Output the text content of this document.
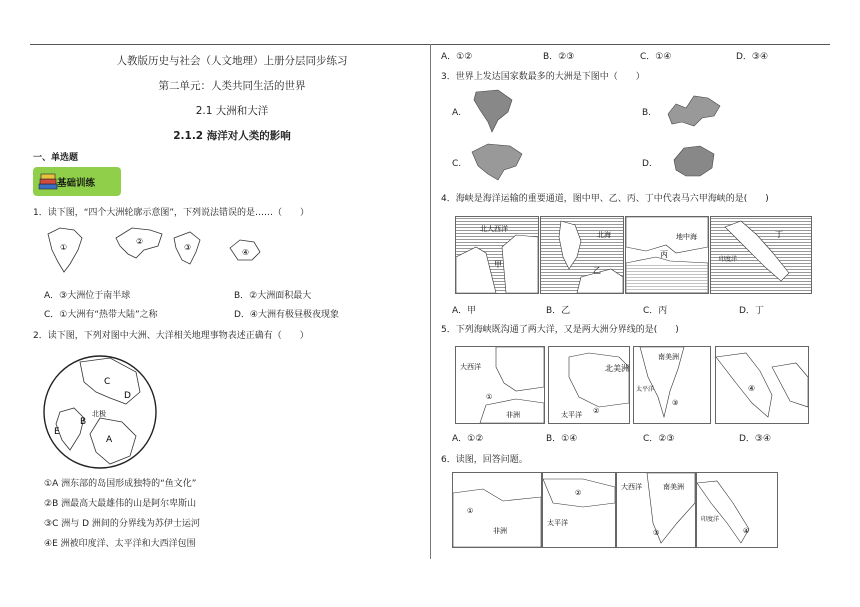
人教版历史与社会（人文地理）上册分层同步练习
第二单元：人类共同生活的世界
2.1 大洲和大洋
2.1.2 海洋对人类的影响
一、单选题
基础训练
1．读下图，“四个大洲轮廓示意图”，下列说法错误的是……（　　）
①
②
③
④
A．③大洲位于南半球	B．②大洲面积最大
C．①大洲有“热带大陆”之称	D．④大洲有极昼极夜现象
2．读下图，下列对图中大洲、大洋相关地理事物表述正确有（　　）
C
D
B
北极
E
A
①A 洲东部的岛国形成独特的“鱼文化”
②B 洲最高大最雄伟的山是阿尔卑斯山
③C 洲与 D 洲间的分界线为苏伊士运河
④E 洲被印度洋、太平洋和大西洋包围
A．①②	B．②③	C．①④	D．③④
3．世界上发达国家数最多的大洲是下图中（　　）
A.	B.
C.	D.
4．海峡是海洋运输的重要通道，图中甲、乙、丙、丁中代表马六甲海峡的是(　　)
北大西洋
甲
乙
北海
丙
地中海	丁
印度洋
A．甲	B．乙	C．丙	D．丁
5．下列海峡既沟通了两大洋，又是两大洲分界线的是(　　)
大西洋
①
非洲
北美洲
太平洋 ②
南美洲
③
太平洋	④
A．①②	B．①④	C．②③	D．③④
6．读图，回答问题。
①
非洲
②
太平洋
南美洲
大西洋
③	④
印度洋
